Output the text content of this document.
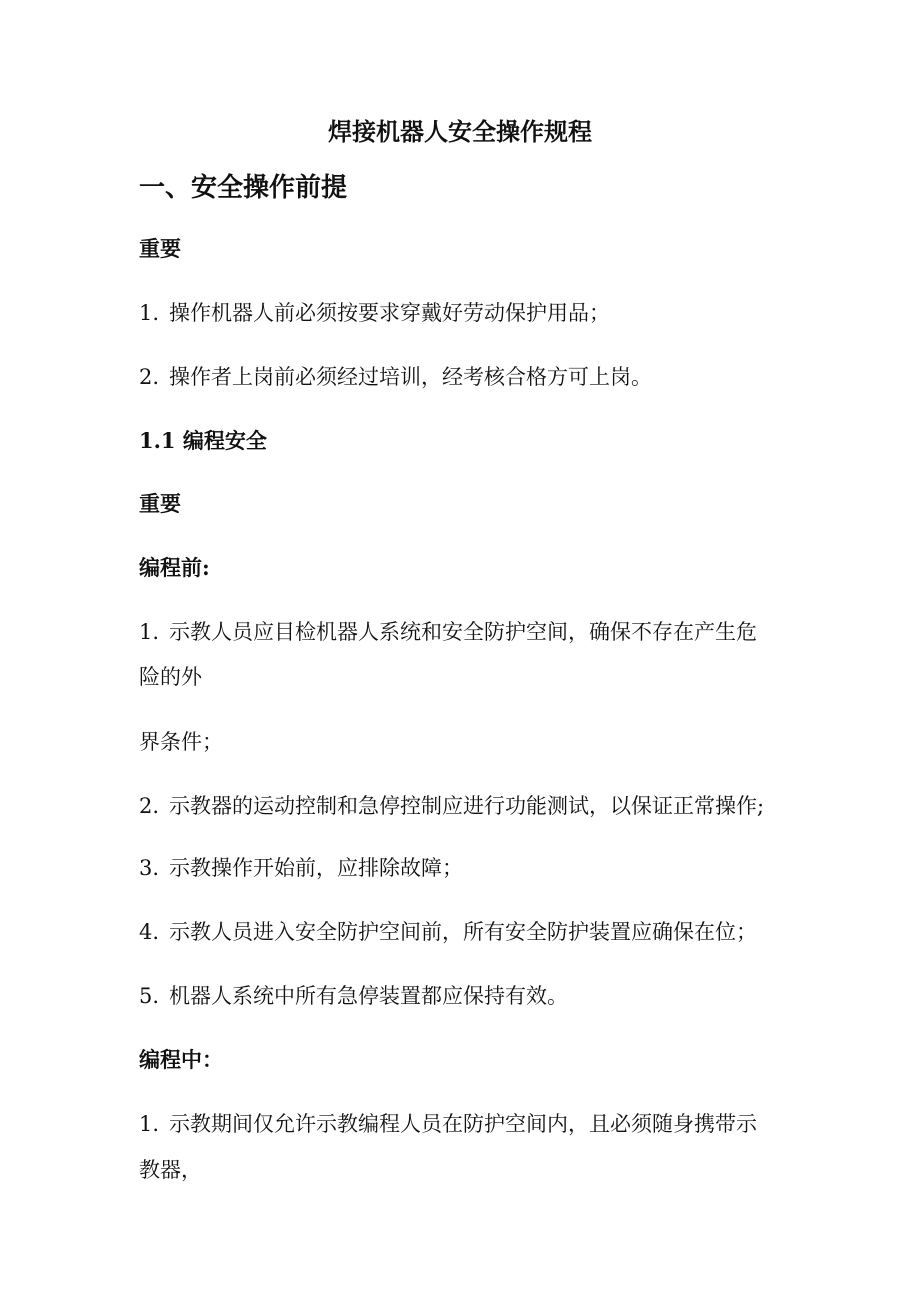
焊接机器人安全操作规程
一、安全操作前提
重要
1. 操作机器人前必须按要求穿戴好劳动保护用品；
2. 操作者上岗前必须经过培训，经考核合格方可上岗。
1.1 编程安全
重要
编程前:
1. 示教人员应目检机器人系统和安全防护空间，确保不存在产生危
险的外
界条件；
2. 示教器的运动控制和急停控制应进行功能测试，以保证正常操作;
3. 示教操作开始前，应排除故障；
4. 示教人员进入安全防护空间前，所有安全防护装置应确保在位；
5. 机器人系统中所有急停装置都应保持有效。
编程中：
1. 示教期间仅允许示教编程人员在防护空间内，且必须随身携带示
教器，
